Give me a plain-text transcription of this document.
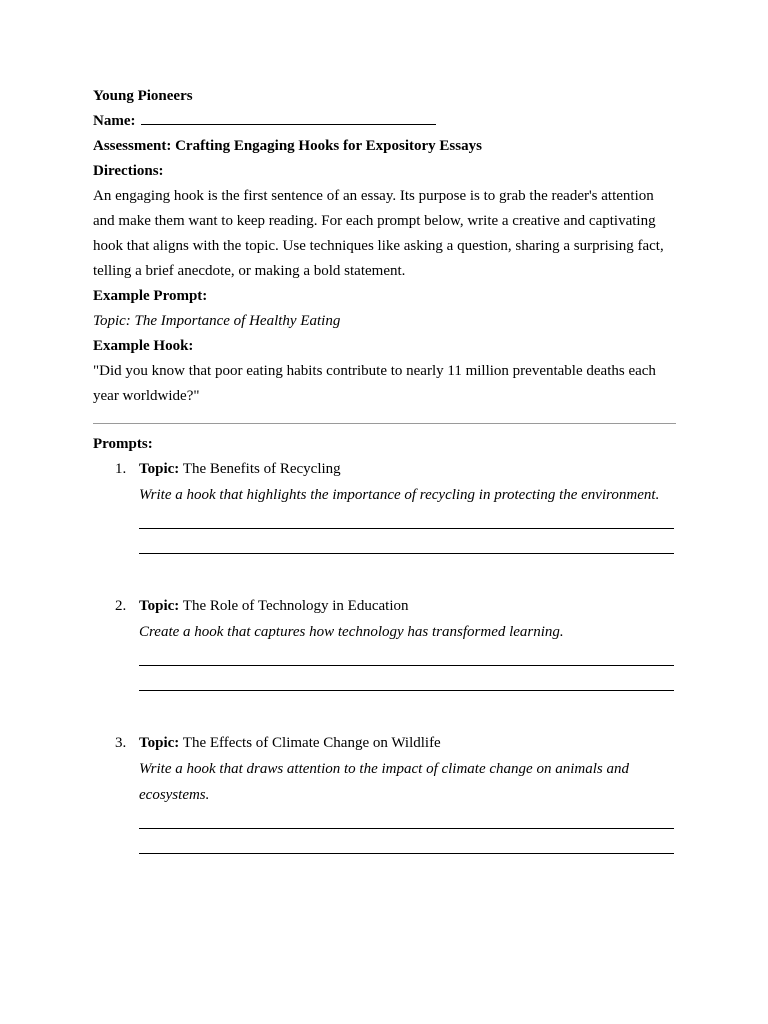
Young Pioneers
Name:
Assessment: Crafting Engaging Hooks for Expository Essays
Directions:

An engaging hook is the first sentence of an essay. Its purpose is to grab the reader's attention and make them want to keep reading. For each prompt below, write a creative and captivating hook that aligns with the topic. Use techniques like asking a question, sharing a surprising fact, telling a brief anecdote, or making a bold statement.

Example Prompt:
Topic: The Importance of Healthy Eating
Example Hook:

"Did you know that poor eating habits contribute to nearly 11 million preventable deaths each year worldwide?"

Prompts:
1. Topic: The Benefits of Recycling
Write a hook that highlights the importance of recycling in protecting the environment.
2. Topic: The Role of Technology in Education
Create a hook that captures how technology has transformed learning.
3. Topic: The Effects of Climate Change on Wildlife
Write a hook that draws attention to the impact of climate change on animals and ecosystems.
